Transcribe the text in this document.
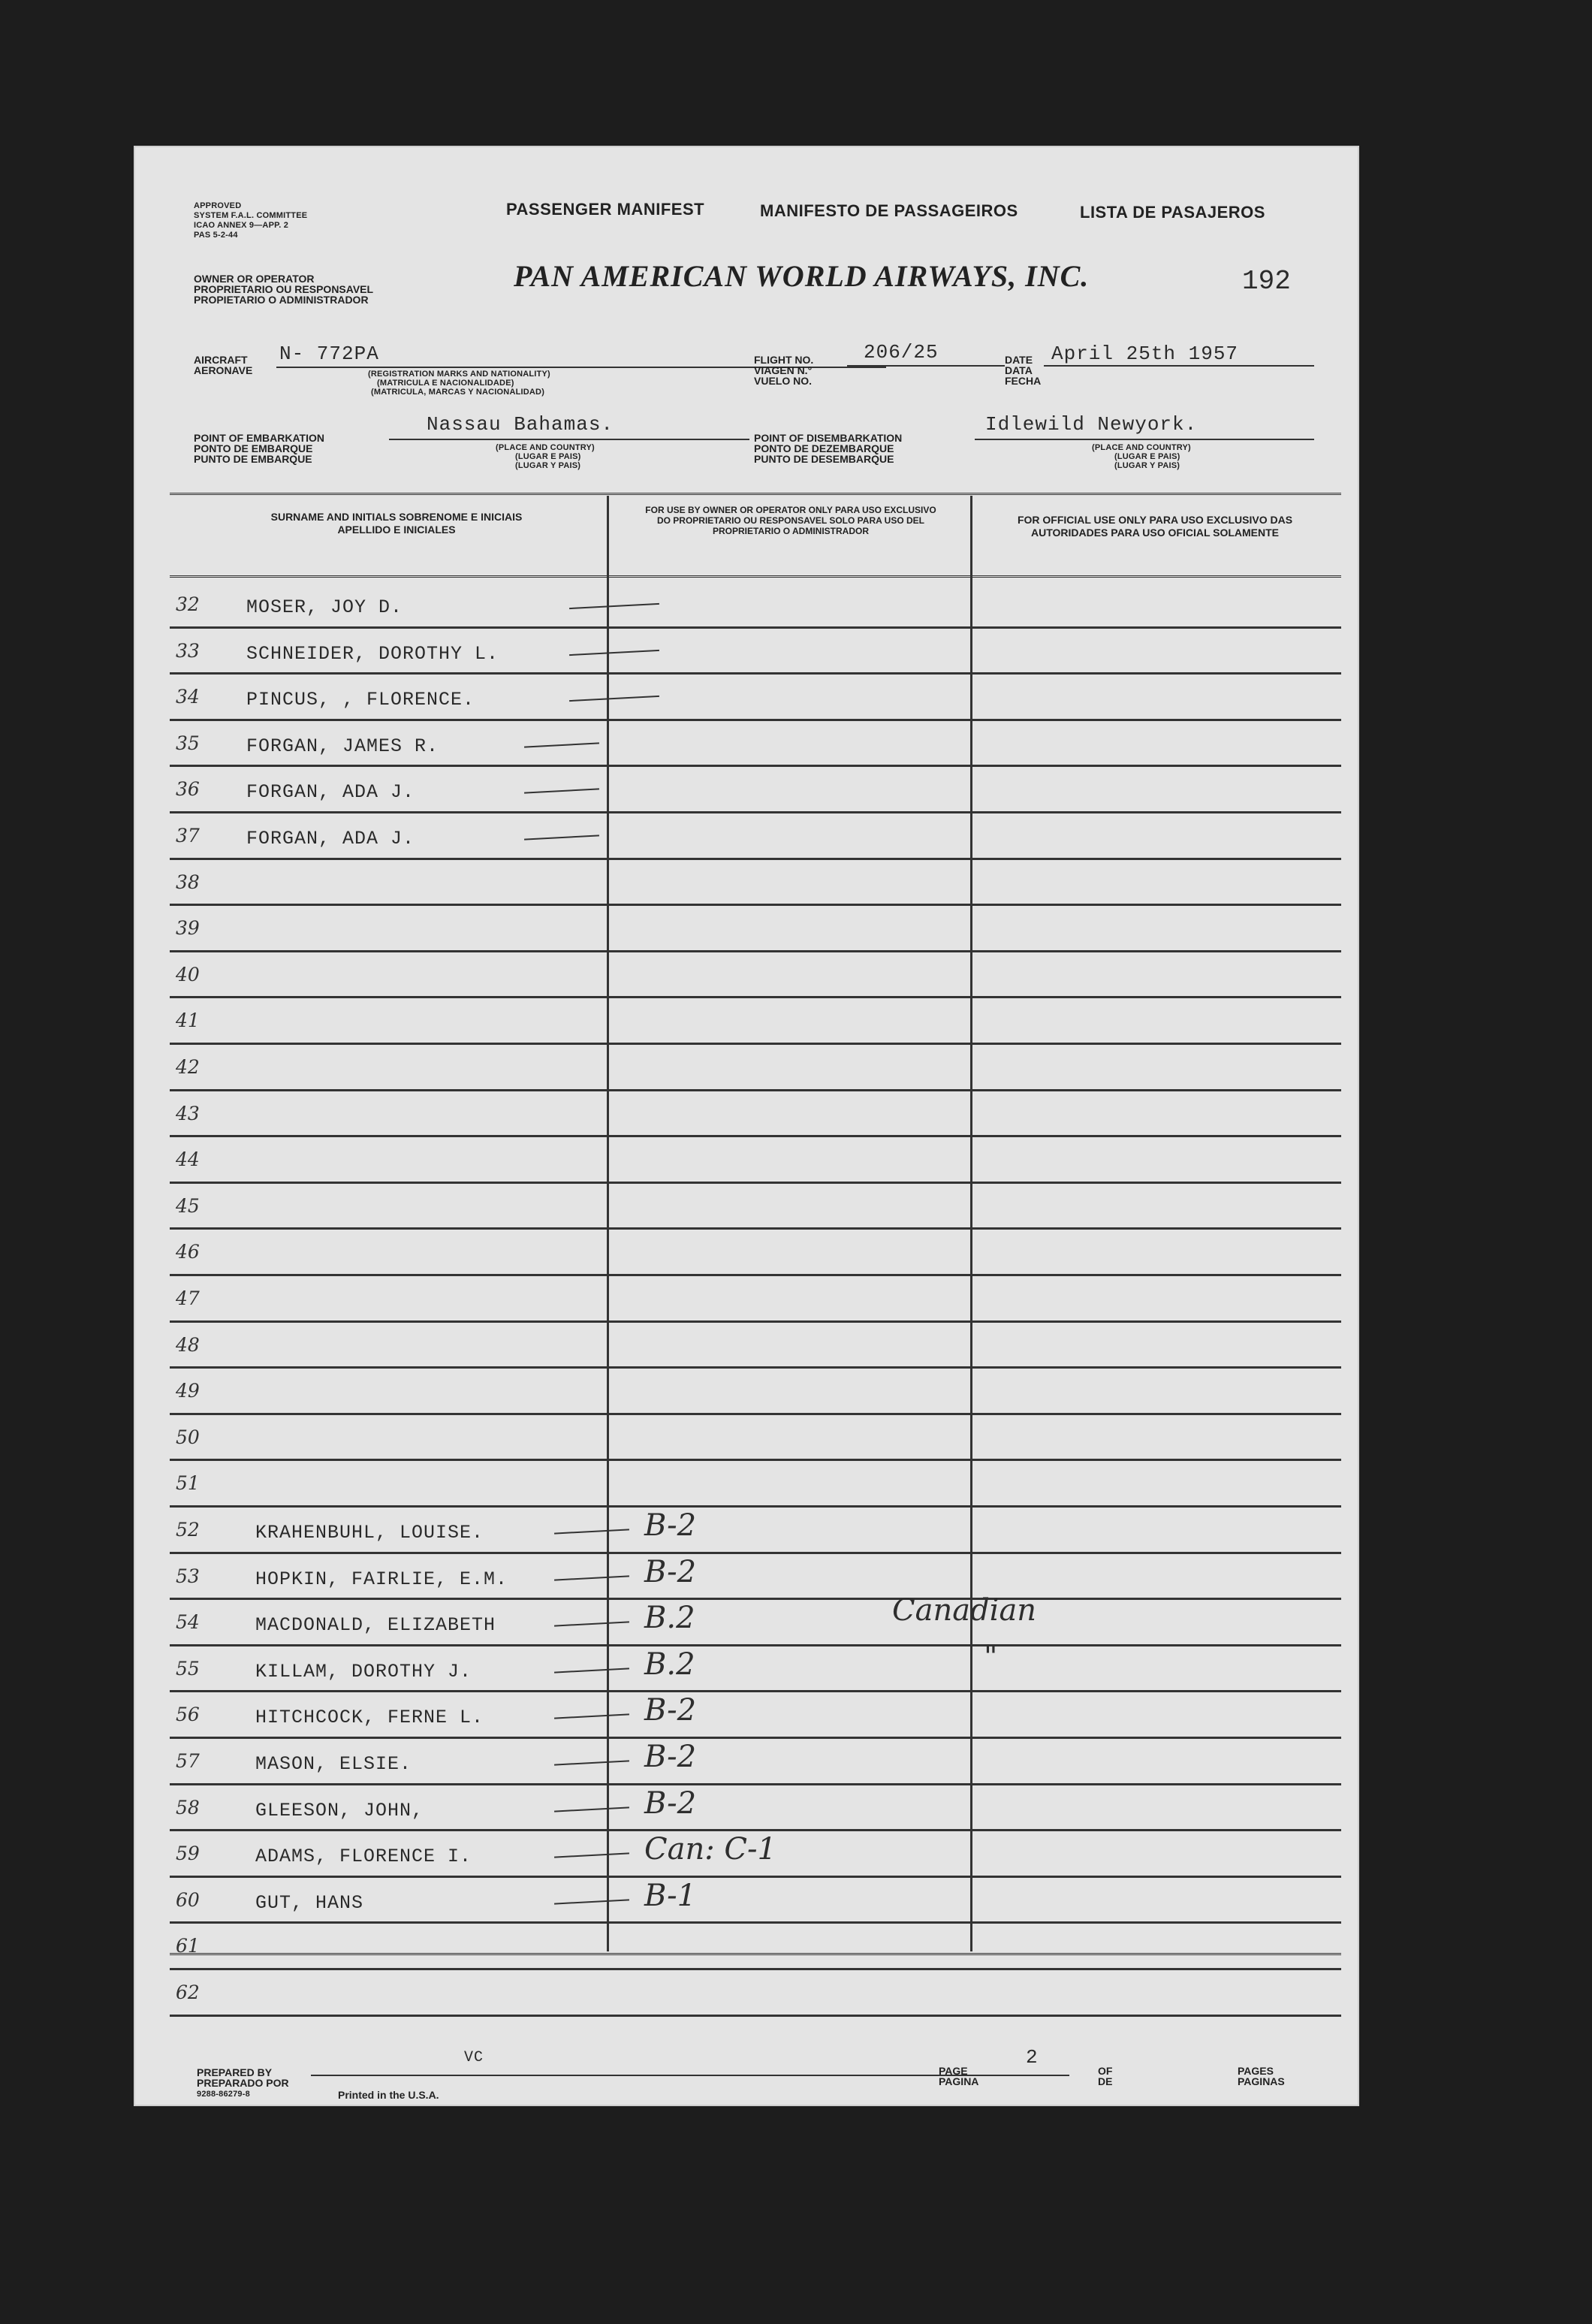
APPROVED
SYSTEM F.A.L. COMMITTEE
ICAO ANNEX 9—APP. 2
PAS 5-2-44
PASSENGER MANIFEST	MANIFESTO DE PASSAGEIROS	LISTA DE PASAJEROS
OWNER OR OPERATOR
PROPRIETARIO OU RESPONSAVEL
PROPIETARIO O ADMINISTRADOR
PAN AMERICAN WORLD AIRWAYS, INC.	192
AIRCRAFT
AERONAVE
N- 772PA
(REGISTRATION MARKS AND NATIONALITY)
(MATRICULA E NACIONALIDADE)
(MATRICULA, MARCAS Y NACIONALIDAD)
FLIGHT NO.
VIAGEN N.°
VUELO NO.
206/25	DATE
DATA
FECHA
April 25th 1957
POINT OF EMBARKATION
PONTO DE EMBARQUE
PUNTO DE EMBARQUE
Nassau Bahamas.
(PLACE AND COUNTRY)
(LUGAR E PAIS)
(LUGAR Y PAIS)
POINT OF DISEMBARKATION
PONTO DE DEZEMBARQUE
PUNTO DE DESEMBARQUE
Idlewild Newyork.
(PLACE AND COUNTRY)
(LUGAR E PAIS)
(LUGAR Y PAIS)
SURNAME AND INITIALS SOBRENOME E INICIAIS APELLIDO E INICIALES
FOR USE BY OWNER OR OPERATOR ONLY PARA USO EXCLUSIVO DO PROPRIETARIO OU RESPONSAVEL SOLO PARA USO DEL PROPRIETARIO O ADMINISTRADOR
FOR OFFICIAL USE ONLY PARA USO EXCLUSIVO DAS AUTORIDADES PARA USO OFICIAL SOLAMENTE
32 MOSER, JOY D.
33 SCHNEIDER, DOROTHY L.
34 PINCUS, , FLORENCE.
35 FORGAN, JAMES R.
36 FORGAN, ADA J.
37 FORGAN, ADA J.
38
39
40
41
42
43
44
45
46
47
48
49
50
51
52	KRAHENBUHL, LOUISE.	B-2
53	HOPKIN, FAIRLIE, E.M.	B-2
54	MACDONALD, ELIZABETH	B.2	Canadian
55	KILLAM, DOROTHY J.	B.2	"
56	HITCHCOCK, FERNE L.	B-2
57	MASON, ELSIE.	B-2
58	GLEESON, JOHN,	B-2
59	ADAMS, FLORENCE I.	Can: C-1
60	GUT, HANS	B-1
61
62
PREPARED BY
PREPARADO POR
9288-86279-8	Printed in the U.S.A.
VC
PAGE
PAGINA
2
OF
DE
PAGES
PAGINAS
